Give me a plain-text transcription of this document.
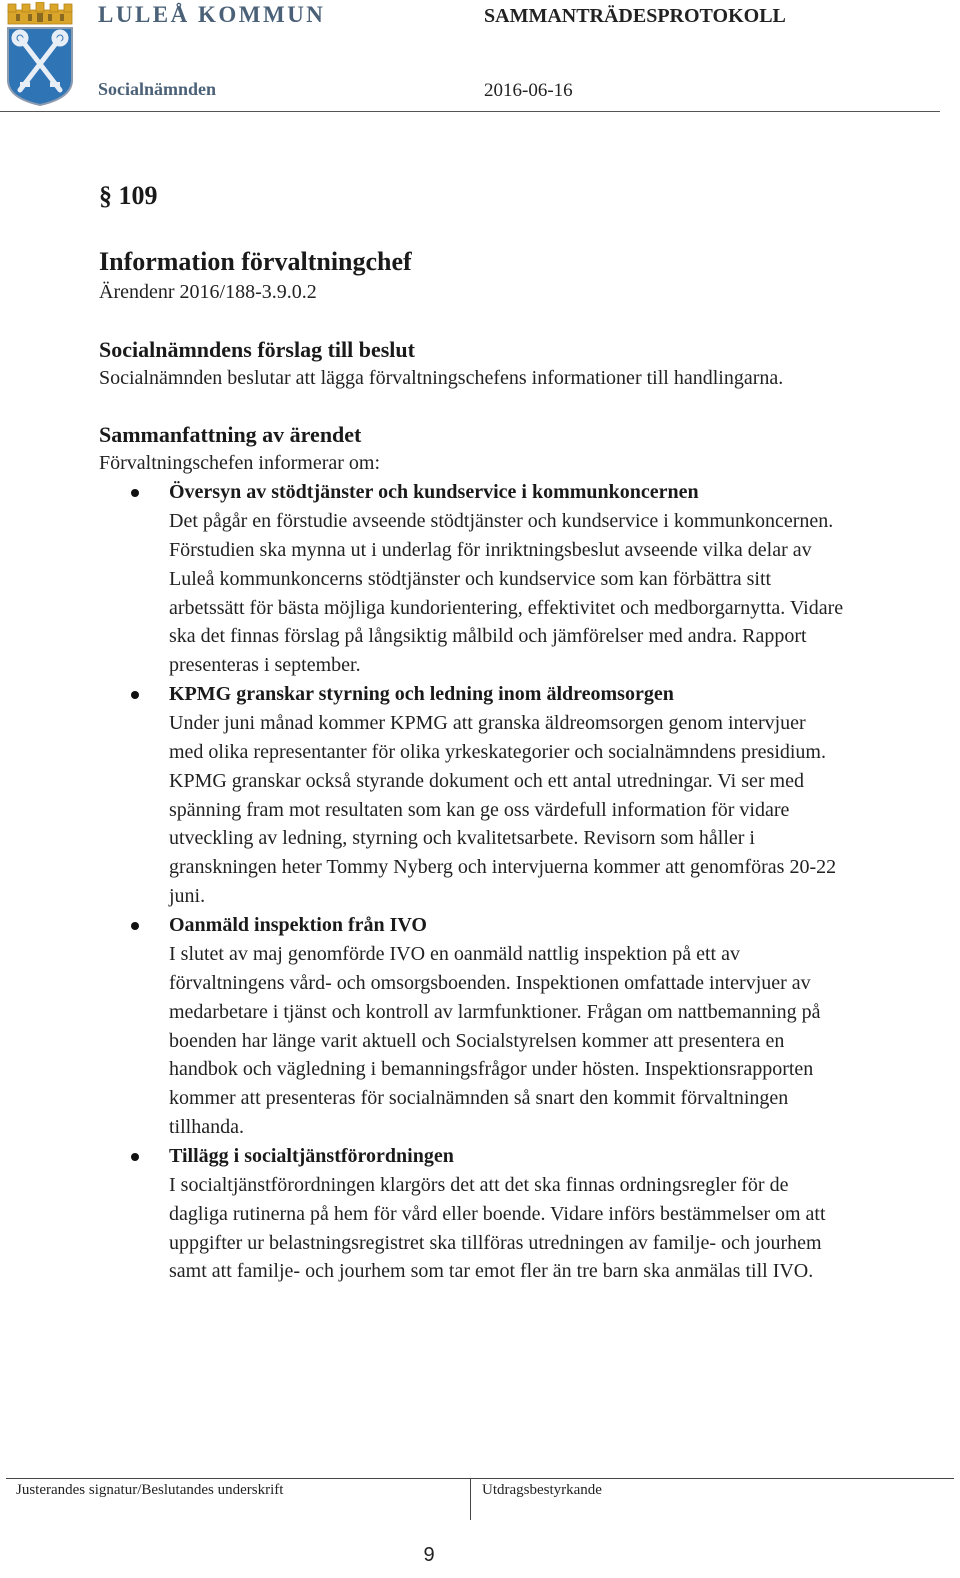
LULEÅ KOMMUN	SAMMANTRÄDESPROTOKOLL
Socialnämnden	2016-06-16

§ 109

Information förvaltningchef

Ärendenr 2016/188-3.9.0.2

Socialnämndens förslag till beslut

Socialnämnden beslutar att lägga förvaltningschefens informationer till handlingarna.

Sammanfattning av ärendet

Förvaltningschefen informerar om:

Översyn av stödtjänster och kundservice i kommunkoncernen

Det pågår en förstudie avseende stödtjänster och kundservice i kommunkoncernen. Förstudien ska mynna ut i underlag för inriktningsbeslut avseende vilka delar av Luleå kommunkoncerns stödtjänster och kundservice som kan förbättra sitt arbetssätt för bästa möjliga kundorientering, effektivitet och medborgarnytta. Vidare ska det finnas förslag på långsiktig målbild och jämförelser med andra. Rapport presenteras i september.

KPMG granskar styrning och ledning inom äldreomsorgen

Under juni månad kommer KPMG att granska äldreomsorgen genom intervjuer med olika representanter för olika yrkeskategorier och socialnämndens presidium. KPMG granskar också styrande dokument och ett antal utredningar. Vi ser med spänning fram mot resultaten som kan ge oss värdefull information för vidare utveckling av ledning, styrning och kvalitetsarbete. Revisorn som håller i granskningen heter Tommy Nyberg och intervjuerna kommer att genomföras 20-22 juni.

Oanmäld inspektion från IVO

I slutet av maj genomförde IVO en oanmäld nattlig inspektion på ett av förvaltningens vård- och omsorgsboenden. Inspektionen omfattade intervjuer av medarbetare i tjänst och kontroll av larmfunktioner. Frågan om nattbemanning på boenden har länge varit aktuell och Socialstyrelsen kommer att presentera en handbok och vägledning i bemanningsfrågor under hösten. Inspektionsrapporten kommer att presenteras för socialnämnden så snart den kommit förvaltningen tillhanda.

Tillägg i socialtjänstförordningen

I socialtjänstförordningen klargörs det att det ska finnas ordningsregler för de dagliga rutinerna på hem för vård eller boende. Vidare införs bestämmelser om att uppgifter ur belastningsregistret ska tillföras utredningen av familje- och jourhem samt att familje- och jourhem som tar emot fler än tre barn ska anmälas till IVO.

Justerandes signatur/Beslutandes underskrift	Utdragsbestyrkande
9
